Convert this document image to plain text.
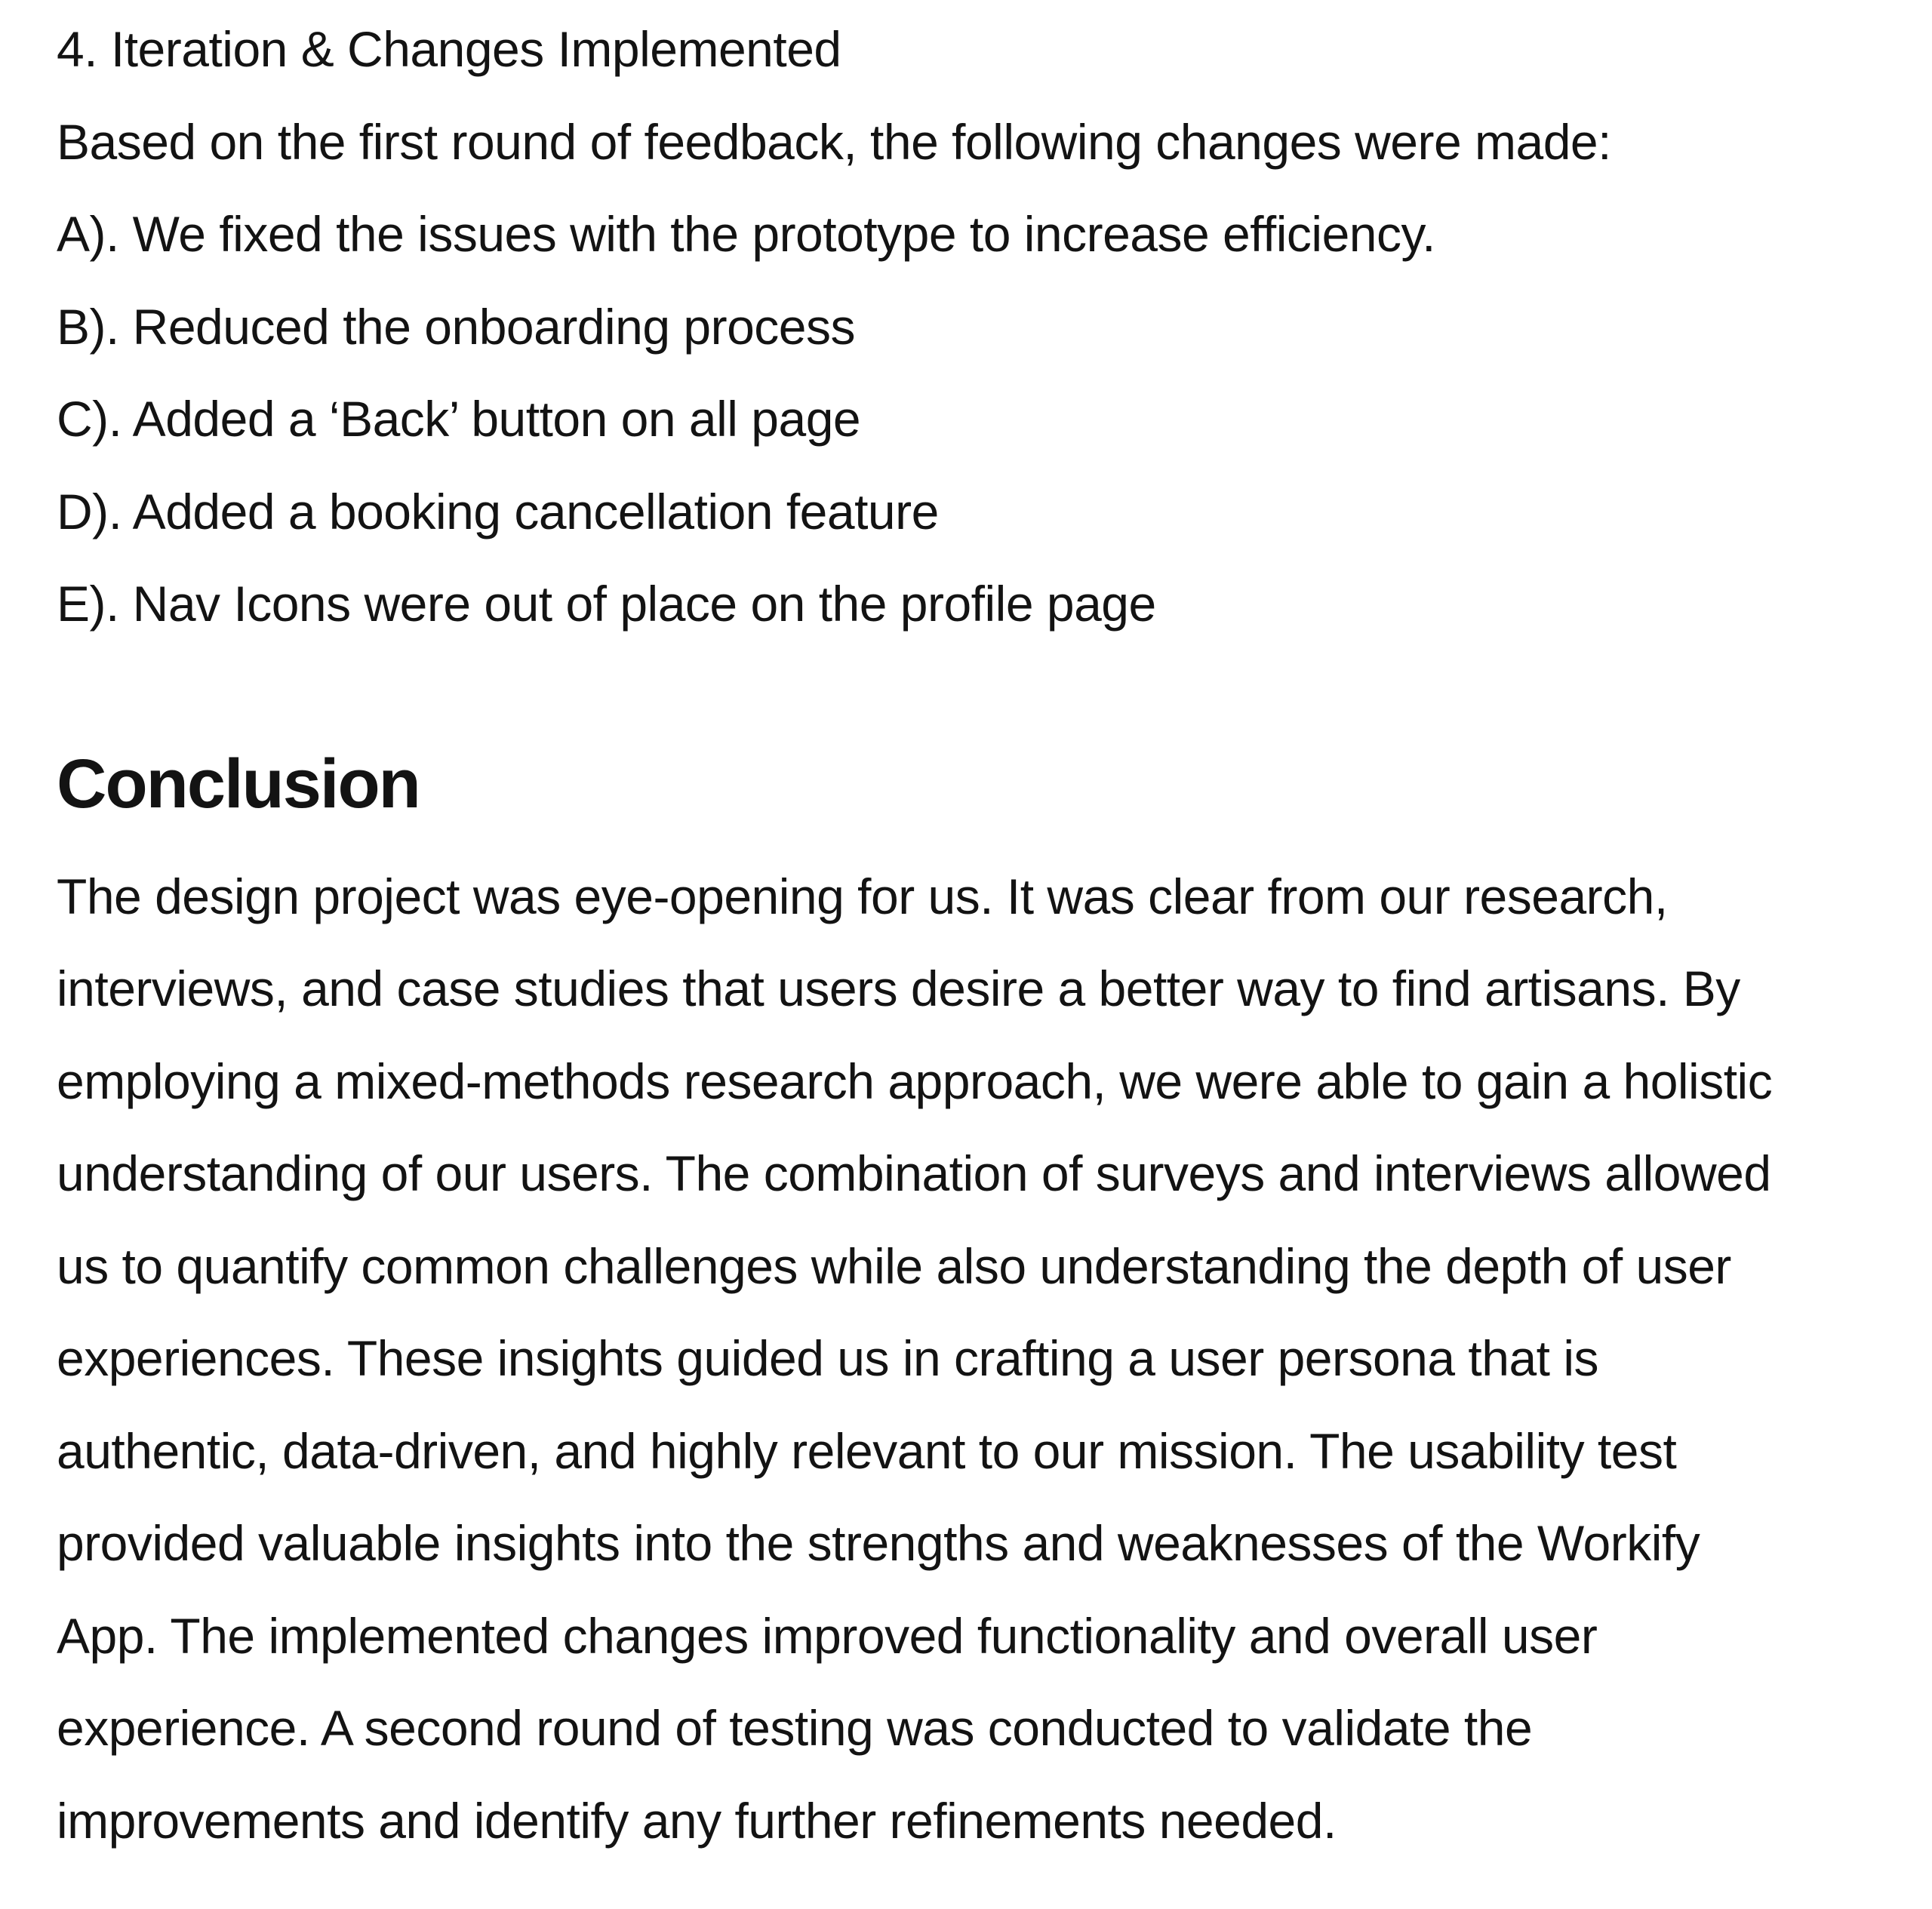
4. Iteration & Changes Implemented
Based on the first round of feedback, the following changes were made:
A). We fixed the issues with the prototype to increase efficiency.
B). Reduced the onboarding process
C). Added a ‘Back’ button on all page
D). Added a booking cancellation feature
E). Nav Icons were out of place on the profile page
Conclusion
The design project was eye-opening for us. It was clear from our research,
interviews, and case studies that users desire a better way to find artisans. By
employing a mixed-methods research approach, we were able to gain a holistic
understanding of our users. The combination of surveys and interviews allowed
us to quantify common challenges while also understanding the depth of user
experiences. These insights guided us in crafting a user persona that is
authentic, data-driven, and highly relevant to our mission. The usability test
provided valuable insights into the strengths and weaknesses of the Workify
App. The implemented changes improved functionality and overall user
experience. A second round of testing was conducted to validate the
improvements and identify any further refinements needed.
